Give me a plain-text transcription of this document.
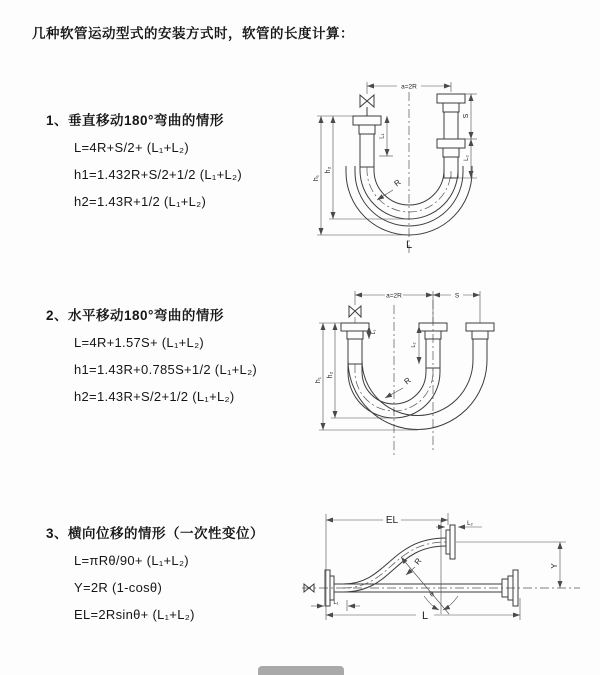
几种软管运动型式的安装方式时，软管的长度计算：
1、垂直移动180°弯曲的情形
L=4R+S/2+ (L₁+L₂)
h1=1.432R+S/2+1/2 (L₁+L₂)
h2=1.43R+1/2 (L₁+L₂)
2、水平移动180°弯曲的情形
L=4R+1.57S+ (L₁+L₂)
h1=1.43R+0.785S+1/2 (L₁+L₂)
h2=1.43R+S/2+1/2 (L₁+L₂)
3、横向位移的情形（一次性变位）
L=πRθ/90+ (L₁+L₂)
Y=2R (1-cosθ)
EL=2Rsinθ+ (L₁+L₂)
a=2R
h₁
h₂
L₁
S
L₂
R
L
a=2R	S
h₁
h₂
L₁
L₂
R
EL	L₂
Y
θ
R
L
L₁
